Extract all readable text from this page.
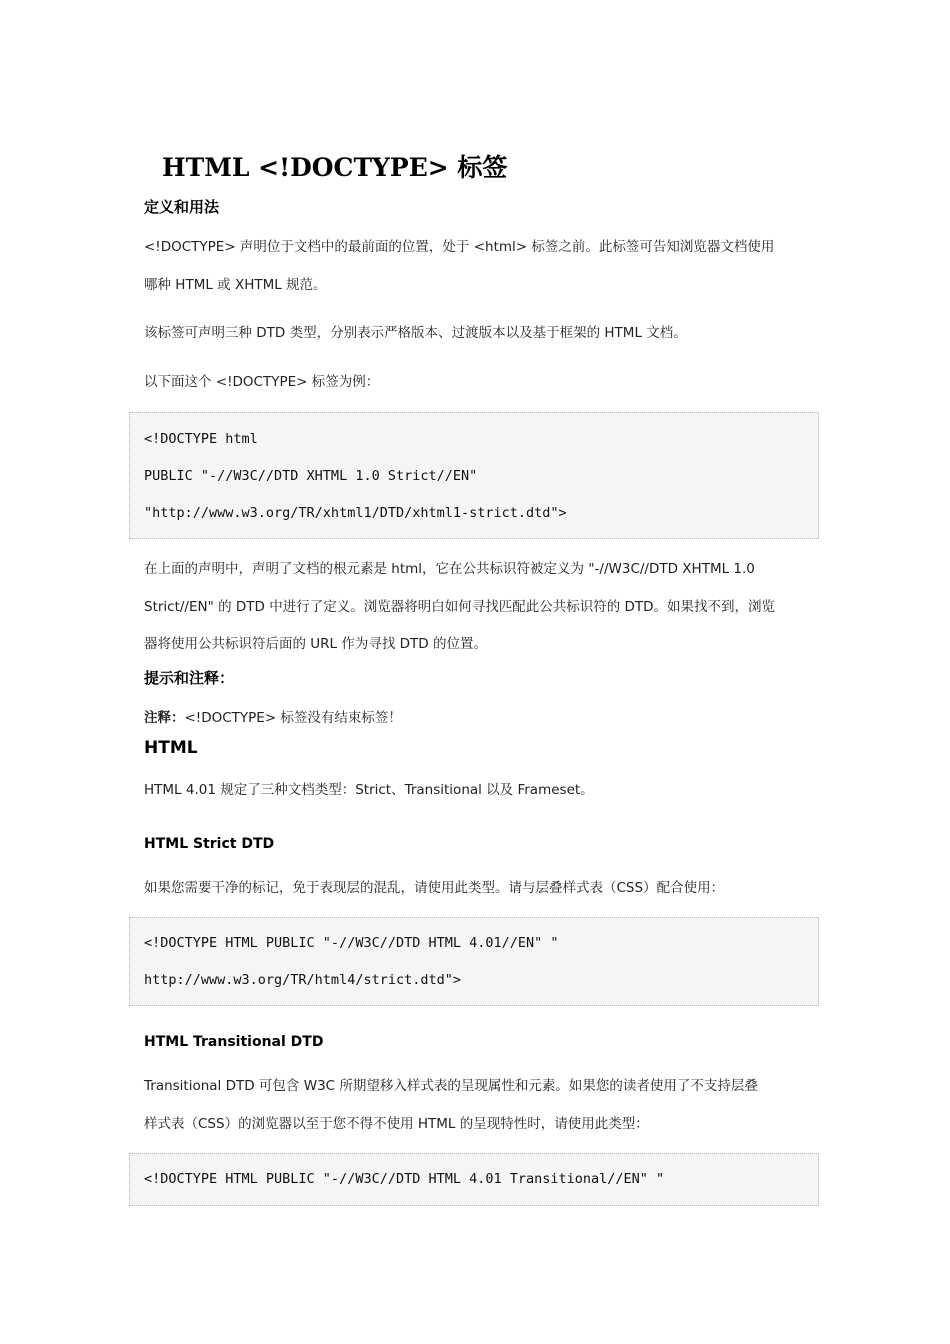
HTML <!DOCTYPE> 标签
定义和用法
<!DOCTYPE> 声明位于文档中的最前面的位置，处于 <html> 标签之前。此标签可告知浏览器文档使用
哪种 HTML 或 XHTML 规范。
该标签可声明三种 DTD 类型，分别表示严格版本、过渡版本以及基于框架的 HTML 文档。
以下面这个 <!DOCTYPE> 标签为例：
<!DOCTYPE html
PUBLIC "-//W3C//DTD XHTML 1.0 Strict//EN"
"http://www.w3.org/TR/xhtml1/DTD/xhtml1-strict.dtd">
在上面的声明中，声明了文档的根元素是 html，它在公共标识符被定义为 "-//W3C//DTD XHTML 1.0
Strict//EN" 的 DTD 中进行了定义。浏览器将明白如何寻找匹配此公共标识符的 DTD。如果找不到，浏览
器将使用公共标识符后面的 URL 作为寻找 DTD 的位置。
提示和注释：
注释：<!DOCTYPE> 标签没有结束标签！
HTML
HTML 4.01 规定了三种文档类型：Strict、Transitional 以及 Frameset。
HTML Strict DTD
如果您需要干净的标记，免于表现层的混乱，请使用此类型。请与层叠样式表（CSS）配合使用：
<!DOCTYPE HTML PUBLIC "-//W3C//DTD HTML 4.01//EN" "
http://www.w3.org/TR/html4/strict.dtd">
HTML Transitional DTD
Transitional DTD 可包含 W3C 所期望移入样式表的呈现属性和元素。如果您的读者使用了不支持层叠
样式表（CSS）的浏览器以至于您不得不使用 HTML 的呈现特性时，请使用此类型：
<!DOCTYPE HTML PUBLIC "-//W3C//DTD HTML 4.01 Transitional//EN" "
